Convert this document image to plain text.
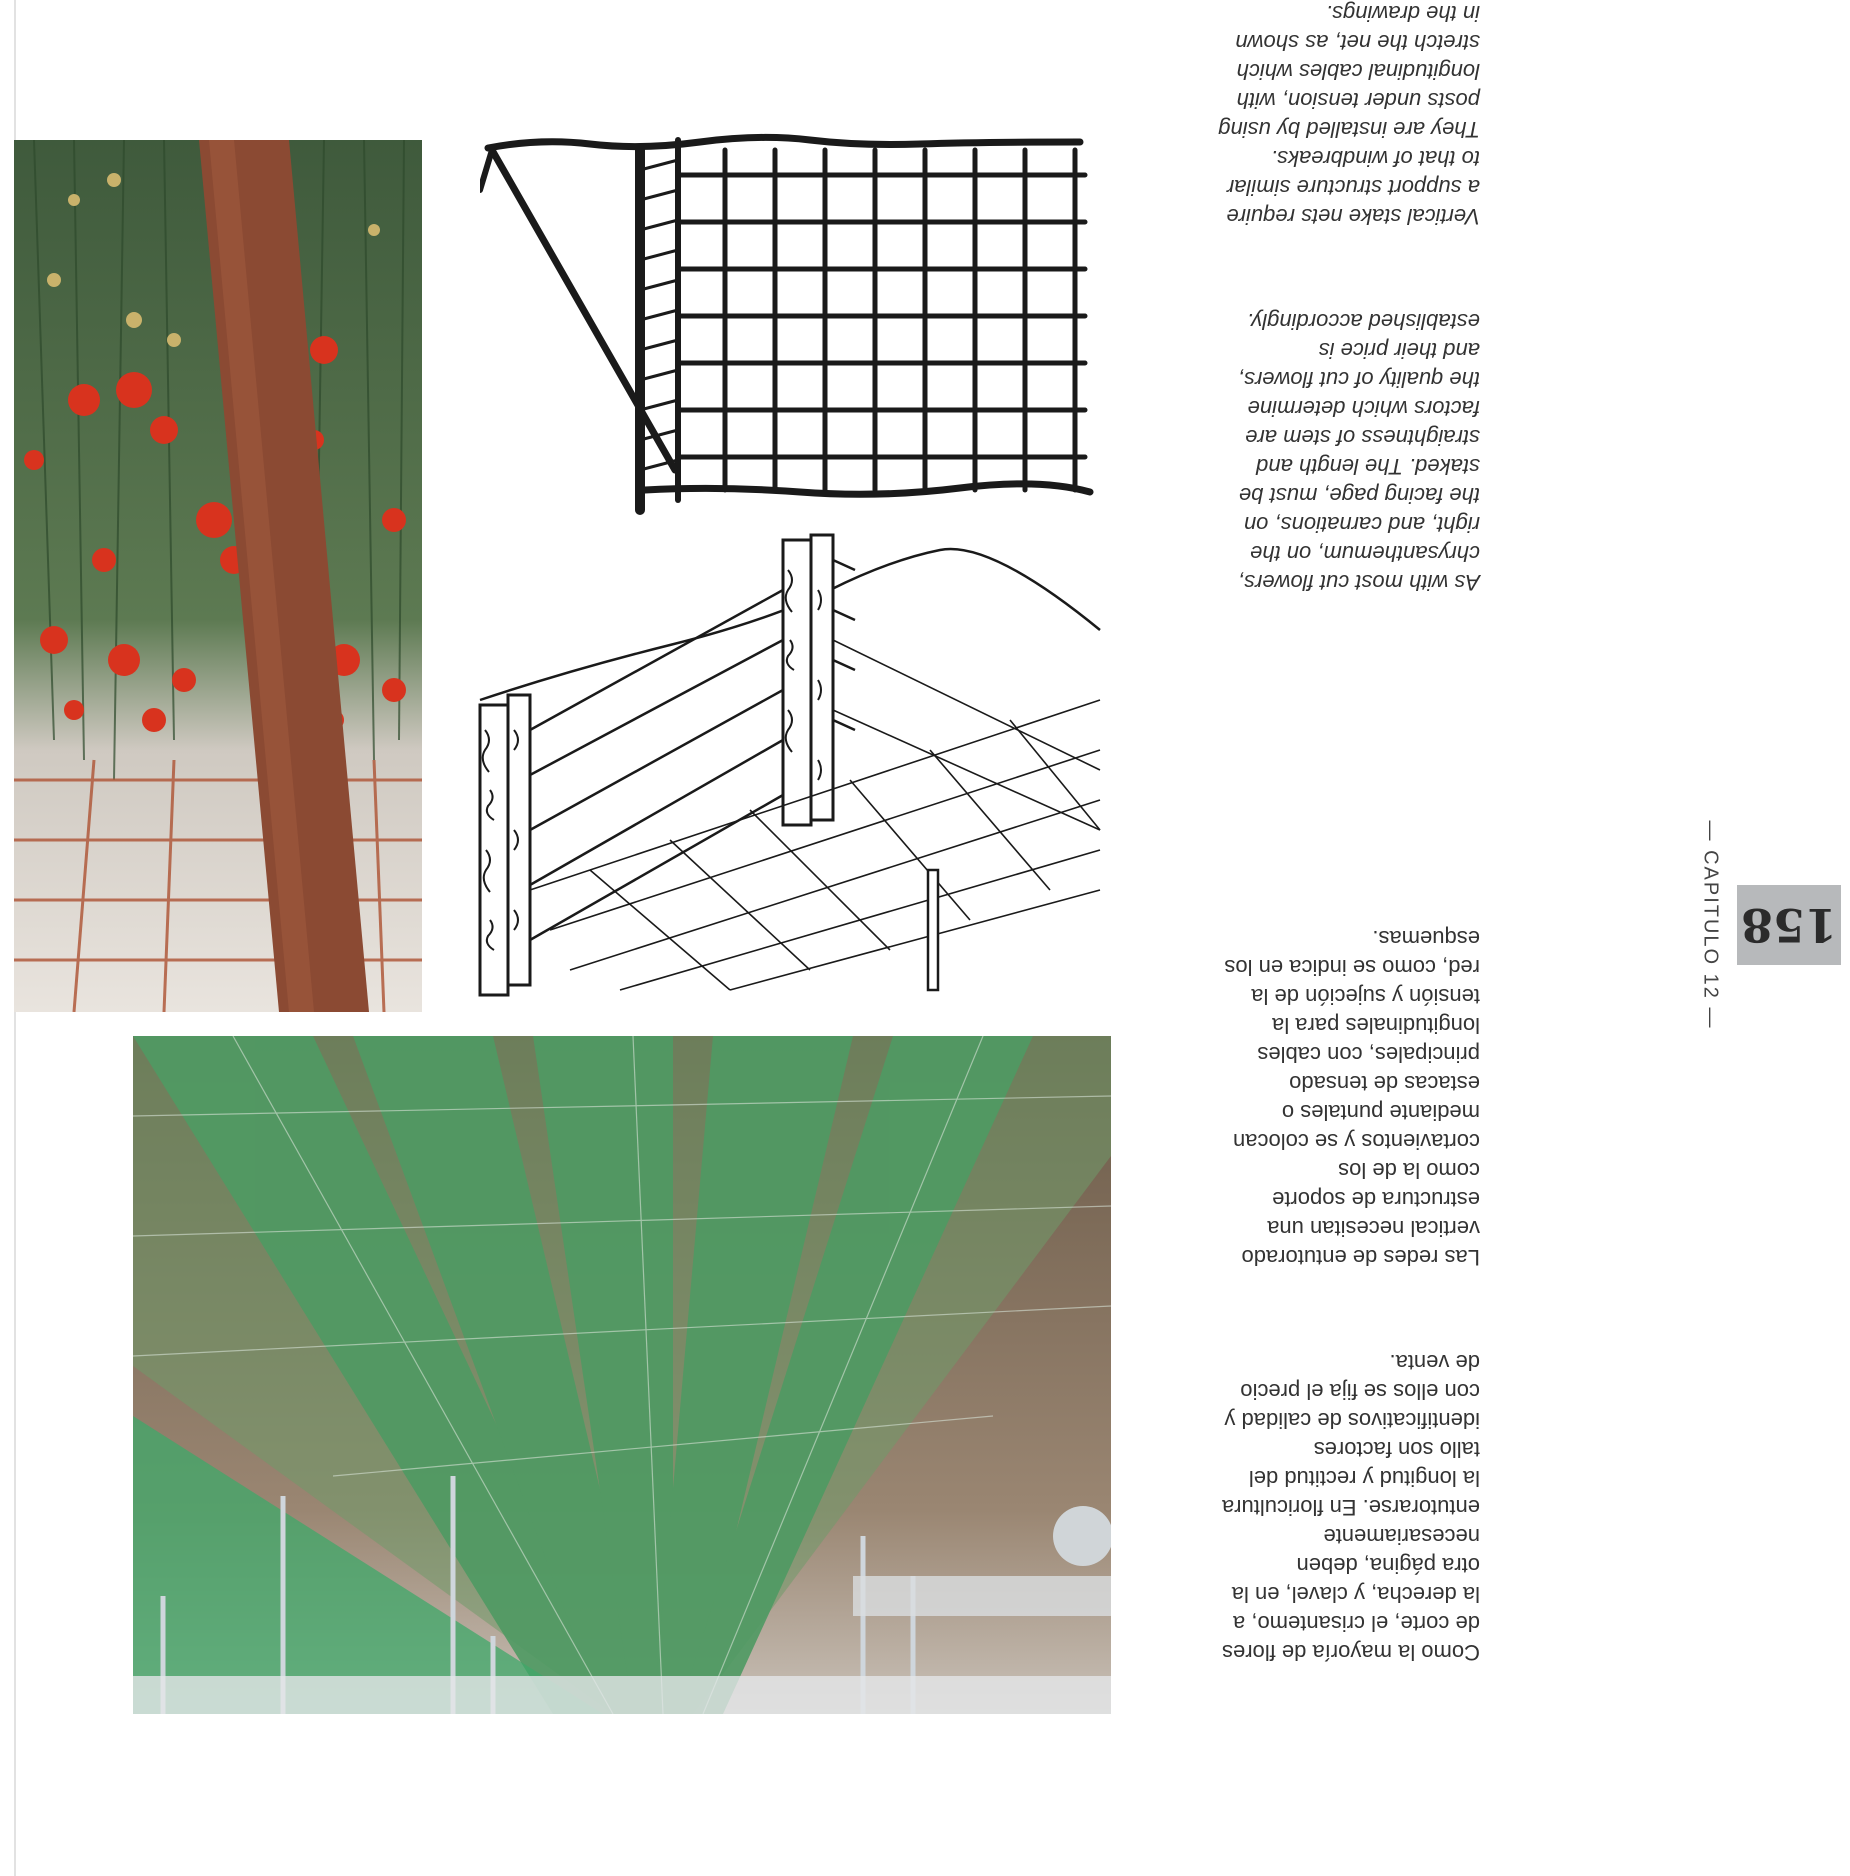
As with most cut flowers,
chrysanthemum, on the
right, and carnations, on
the facing page, must be
staked. The length and
straightness of stem are
factors which determine
the quality of cut flowers,
and their price is
established accordingly.

Vertical stake nets require
a support structure similar
to that of windbreaks.
They are installed by using
posts under tension, with
longitudinal cables which
stretch the net, as shown
in the drawings.

Como la mayoría de flores
de corte, el crisantemo, a
la derecha, y clavel, en la
otra página, deben
necesariamente
entutorarse. En floricultura
la longitud y rectitud del
tallo son factores
identificativos de calidad y
con ellos se fija el precio
de venta.

Las redes de entutorado
vertical necesitan una
estructura de soporte
como la de los
cortavientos y se colocan
mediante puntales o
estacas de tensado
principales, con cables
longitudinales para la
tensión y sujeción de la
red, como se indica en los
esquemas.

	— CAPITULO 12 — 158
